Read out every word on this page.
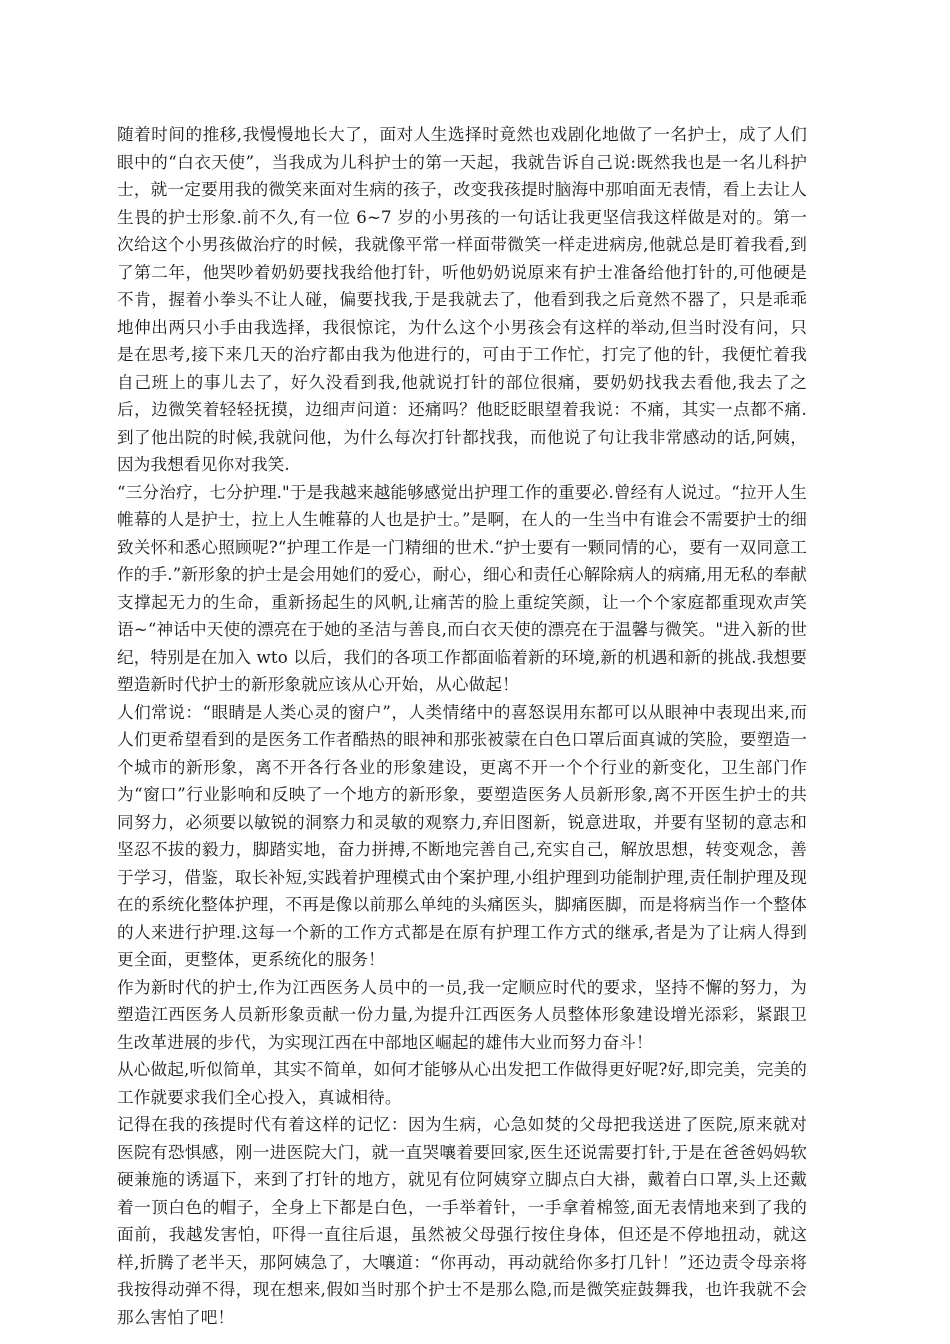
随着时间的推移,我慢慢地长大了，面对人生选择时竟然也戏剧化地做了一名护士，成了人们眼中的“白衣天使”，当我成为儿科护士的第一天起，我就告诉自己说:既然我也是一名儿科护士，就一定要用我的微笑来面对生病的孩子，改变我孩提时脑海中那咱面无表情，看上去让人生畏的护士形象.前不久,有一位 6~7 岁的小男孩的一句话让我更坚信我这样做是对的。第一次给这个小男孩做治疗的时候，我就像平常一样面带微笑一样走进病房,他就总是盯着我看,到了第二年，他哭吵着奶奶要找我给他打针，听他奶奶说原来有护士准备给他打针的,可他硬是不肯，握着小拳头不让人碰，偏要找我,于是我就去了，他看到我之后竟然不器了，只是乖乖地伸出两只小手由我选择，我很惊诧，为什么这个小男孩会有这样的举动,但当时没有问，只是在思考,接下来几天的治疗都由我为他进行的，可由于工作忙，打完了他的针，我便忙着我自己班上的事儿去了，好久没看到我,他就说打针的部位很痛，要奶奶找我去看他,我去了之后，边微笑着轻轻抚摸，边细声问道：还痛吗？他眨眨眼望着我说：不痛，其实一点都不痛.到了他出院的时候,我就问他，为什么每次打针都找我，而他说了句让我非常感动的话,阿姨，因为我想看见你对我笑.

“三分治疗，七分护理."于是我越来越能够感觉出护理工作的重要必.曾经有人说过。“拉开人生帷幕的人是护士，拉上人生帷幕的人也是护士。”是啊，在人的一生当中有谁会不需要护士的细致关怀和悉心照顾呢?“护理工作是一门精细的世术.“护士要有一颗同情的心，要有一双同意工作的手.”新形象的护士是会用她们的爱心，耐心，细心和责任心解除病人的病痛,用无私的奉献支撑起无力的生命，重新扬起生的风帆,让痛苦的脸上重绽笑颜，让一个个家庭都重现欢声笑语~“神话中天使的漂亮在于她的圣洁与善良,而白衣天使的漂亮在于温馨与微笑。"进入新的世纪，特别是在加入 wto 以后，我们的各项工作都面临着新的环境,新的机遇和新的挑战.我想要塑造新时代护士的新形象就应该从心开始，从心做起！

人们常说：“眼睛是人类心灵的窗户”，人类情绪中的喜怒误用东都可以从眼神中表现出来,而人们更希望看到的是医务工作者酷热的眼神和那张被蒙在白色口罩后面真诚的笑脸，要塑造一个城市的新形象，离不开各行各业的形象建设，更离不开一个个行业的新变化，卫生部门作为“窗口”行业影响和反映了一个地方的新形象，要塑造医务人员新形象,离不开医生护士的共同努力，必须要以敏锐的洞察力和灵敏的观察力,弃旧图新，锐意进取，并要有坚韧的意志和坚忍不拔的毅力，脚踏实地，奋力拼搏,不断地完善自己,充实自己，解放思想，转变观念，善于学习，借鉴，取长补短,实践着护理模式由个案护理,小组护理到功能制护理,责任制护理及现在的系统化整体护理，不再是像以前那么单纯的头痛医头，脚痛医脚，而是将病当作一个整体的人来进行护理.这每一个新的工作方式都是在原有护理工作方式的继承,者是为了让病人得到更全面，更整体，更系统化的服务！

作为新时代的护士,作为江西医务人员中的一员,我一定顺应时代的要求，坚持不懈的努力，为塑造江西医务人员新形象贡献一份力量,为提升江西医务人员整体形象建设增光添彩，紧跟卫生改革进展的步代，为实现江西在中部地区崛起的雄伟大业而努力奋斗！

从心做起,听似简单，其实不简单，如何才能够从心出发把工作做得更好呢?好,即完美，完美的工作就要求我们全心投入，真诚相待。

记得在我的孩提时代有着这样的记忆：因为生病，心急如焚的父母把我送进了医院,原来就对医院有恐惧感，刚一进医院大门，就一直哭嚷着要回家,医生还说需要打针,于是在爸爸妈妈软硬兼施的诱逼下，来到了打针的地方，就见有位阿姨穿立脚点白大褂，戴着白口罩,头上还戴着一顶白色的帽子，全身上下都是白色，一手举着针，一手拿着棉签,面无表情地来到了我的面前，我越发害怕，吓得一直往后退，虽然被父母强行按住身体，但还是不停地扭动，就这样,折腾了老半天，那阿姨急了，大嚷道：“你再动，再动就给你多打几针！”还边责令母亲将我按得动弹不得，现在想来,假如当时那个护士不是那么隐,而是微笑症鼓舞我，也许我就不会那么害怕了吧！
